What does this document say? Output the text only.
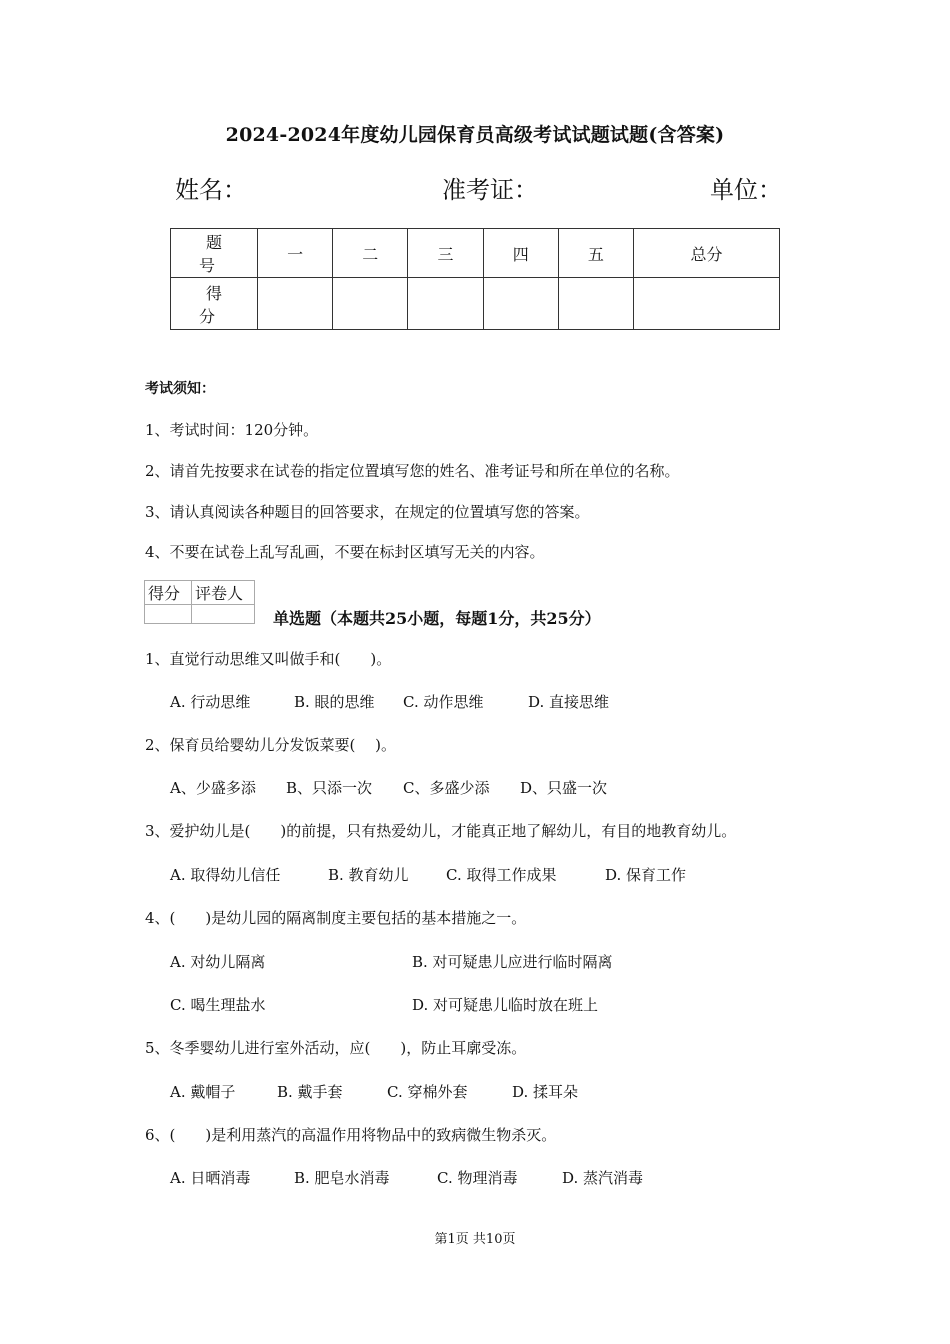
2024-2024年度幼儿园保育员高级考试试题试题(含答案)
姓名：	准考证：	单位：
题 号	一	二	三	四	五	总分
得 分						
考试须知：
1、考试时间：120分钟。
2、请首先按要求在试卷的指定位置填写您的姓名、准考证号和所在单位的名称。
3、请认真阅读各种题目的回答要求，在规定的位置填写您的答案。
4、不要在试卷上乱写乱画，不要在标封区填写无关的内容。
得分	评卷人

单选题（本题共25小题，每题1分，共25分）
1、直觉行动思维又叫做手和(　　)。
A. 行动思维	B. 眼的思维 C. 动作思维	D. 直接思维
2、保育员给婴幼儿分发饭菜要(　 )。
A、少盛多添 B、只添一次 C、多盛少添 D、只盛一次
3、爱护幼儿是(　　)的前提，只有热爱幼儿，才能真正地了解幼儿，有目的地教育幼儿。
A. 取得幼儿信任	B. 教育幼儿 C. 取得工作成果	D. 保育工作
4、(　　)是幼儿园的隔离制度主要包括的基本措施之一。
A. 对幼儿隔离	B. 对可疑患儿应进行临时隔离
C. 喝生理盐水	D. 对可疑患儿临时放在班上
5、冬季婴幼儿进行室外活动，应(　　)，防止耳廓受冻。
A. 戴帽子	B. 戴手套	C. 穿棉外套	D. 揉耳朵
6、(　　)是利用蒸汽的高温作用将物品中的致病微生物杀灭。
A. 日晒消毒	B. 肥皂水消毒	C. 物理消毒	D. 蒸汽消毒
第1页 共10页
